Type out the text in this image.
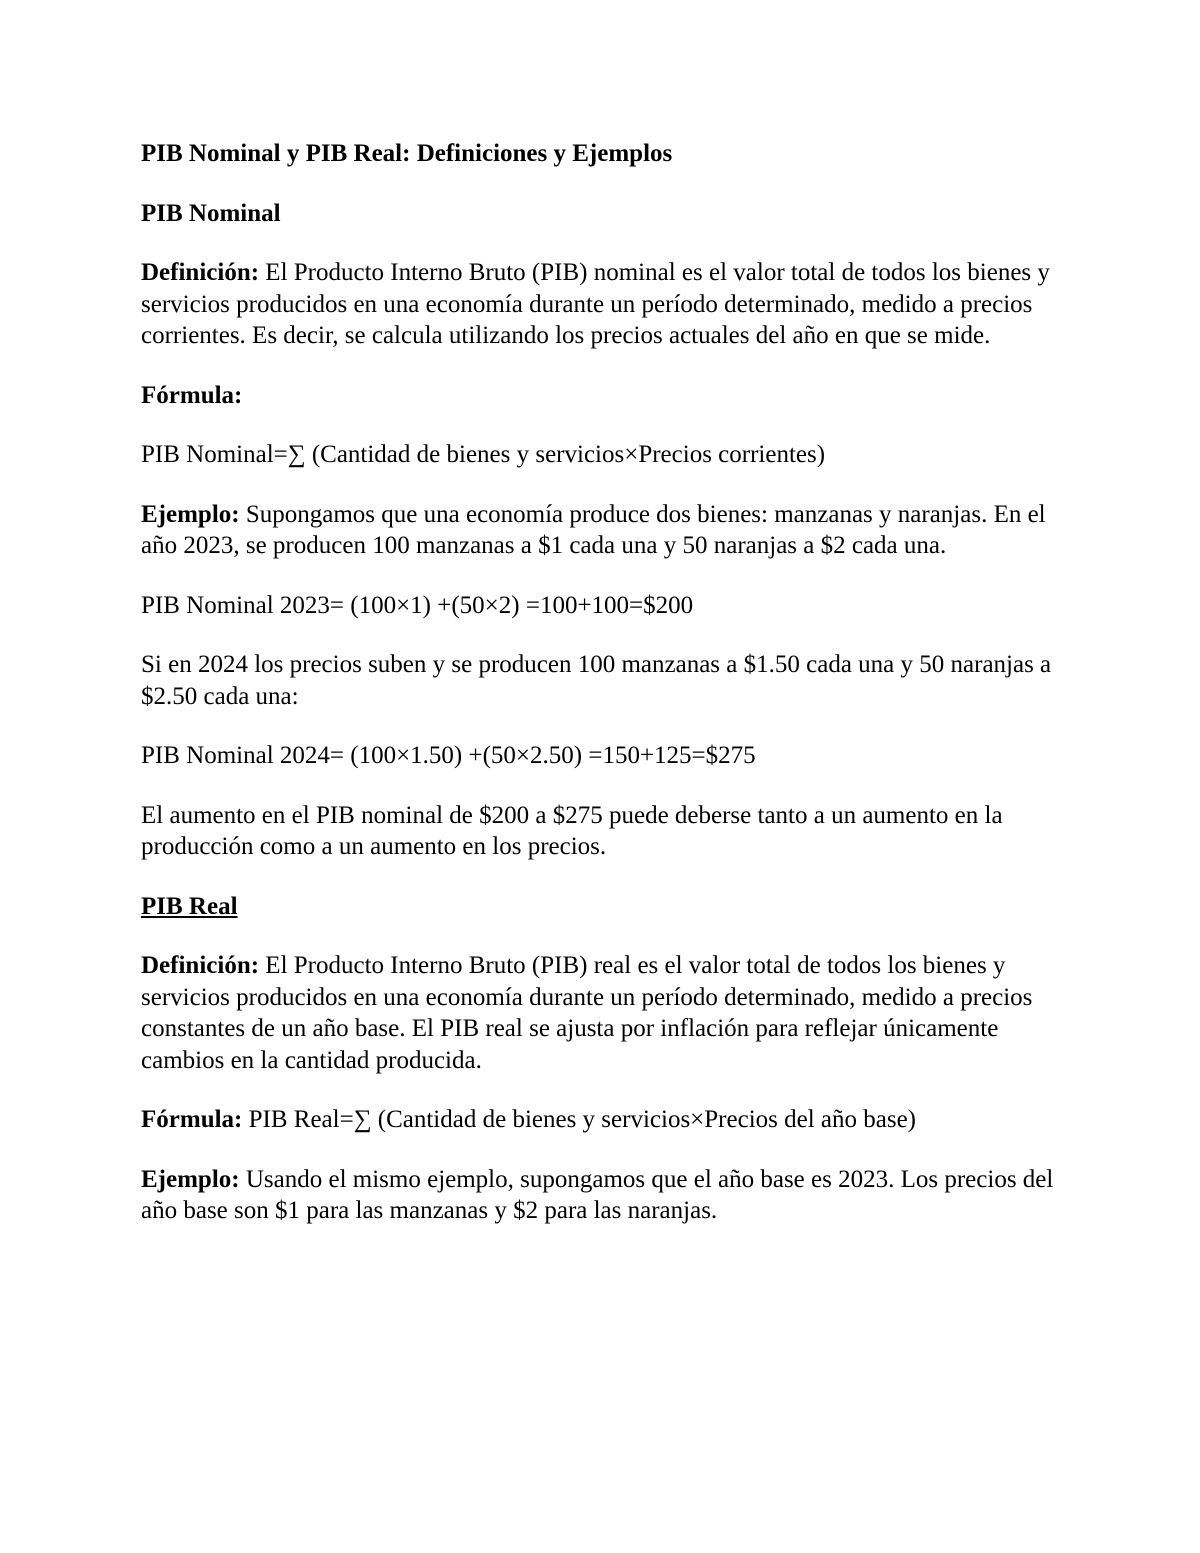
PIB Nominal y PIB Real: Definiciones y Ejemplos

PIB Nominal

Definición: El Producto Interno Bruto (PIB) nominal es el valor total de todos los bienes y servicios producidos en una economía durante un período determinado, medido a precios corrientes. Es decir, se calcula utilizando los precios actuales del año en que se mide.

Fórmula:

PIB Nominal=∑ (Cantidad de bienes y servicios×Precios corrientes)

Ejemplo: Supongamos que una economía produce dos bienes: manzanas y naranjas. En el año 2023, se producen 100 manzanas a $1 cada una y 50 naranjas a $2 cada una.

PIB Nominal 2023= (100×1) +(50×2) =100+100=$200

Si en 2024 los precios suben y se producen 100 manzanas a $1.50 cada una y 50 naranjas a $2.50 cada una:

PIB Nominal 2024= (100×1.50) +(50×2.50) =150+125=$275

El aumento en el PIB nominal de $200 a $275 puede deberse tanto a un aumento en la producción como a un aumento en los precios.

PIB Real

Definición: El Producto Interno Bruto (PIB) real es el valor total de todos los bienes y servicios producidos en una economía durante un período determinado, medido a precios constantes de un año base. El PIB real se ajusta por inflación para reflejar únicamente cambios en la cantidad producida.

Fórmula: PIB Real=∑ (Cantidad de bienes y servicios×Precios del año base)

Ejemplo: Usando el mismo ejemplo, supongamos que el año base es 2023. Los precios del año base son $1 para las manzanas y $2 para las naranjas.
